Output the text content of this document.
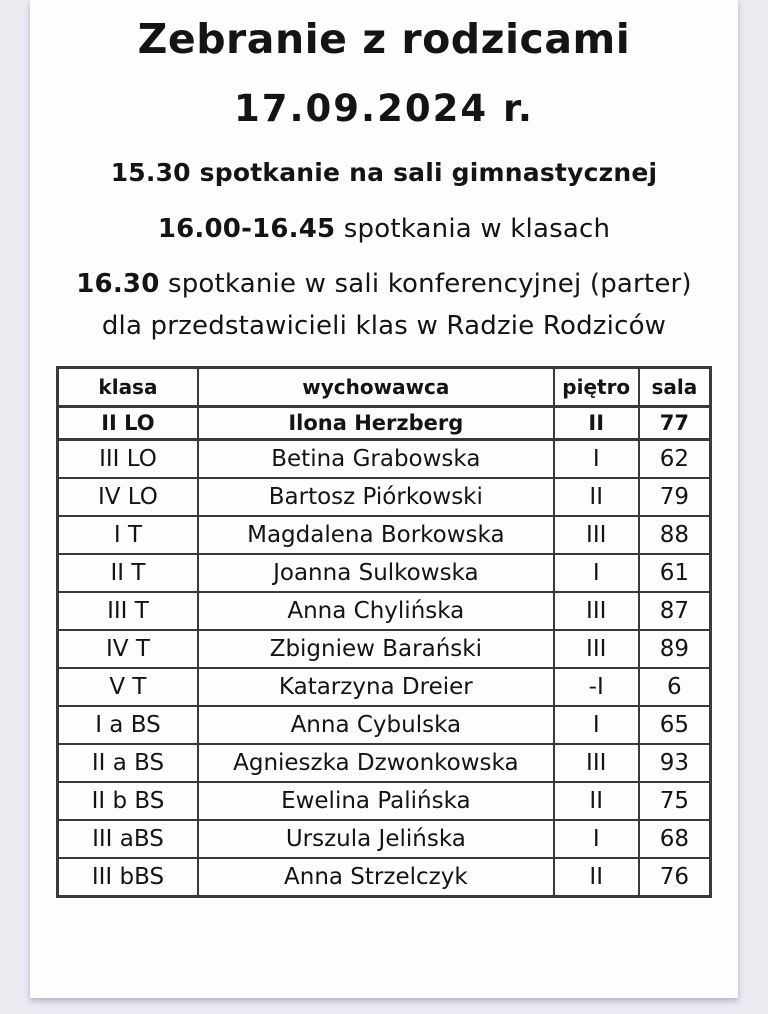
Zebranie z rodzicami
17.09.2024 r.
15.30 spotkanie na sali gimnastycznej
16.00-16.45 spotkania w klasach
16.30 spotkanie w sali konferencyjnej (parter)
dla przedstawicieli klas w Radzie Rodziców
klasa	wychowawca	piętro	sala
II LO	Ilona Herzberg	II	77
III LO	Betina Grabowska	I	62
IV LO	Bartosz Piórkowski	II	79
I T	Magdalena Borkowska	III	88
II T	Joanna Sulkowska	I	61
III T	Anna Chylińska	III	87
IV T	Zbigniew Barański	III	89
V T	Katarzyna Dreier	-I	6
I a BS	Anna Cybulska	I	65
II a BS	Agnieszka Dzwonkowska	III	93
II b BS	Ewelina Palińska	II	75
III aBS	Urszula Jelińska	I	68
III bBS	Anna Strzelczyk	II	76
